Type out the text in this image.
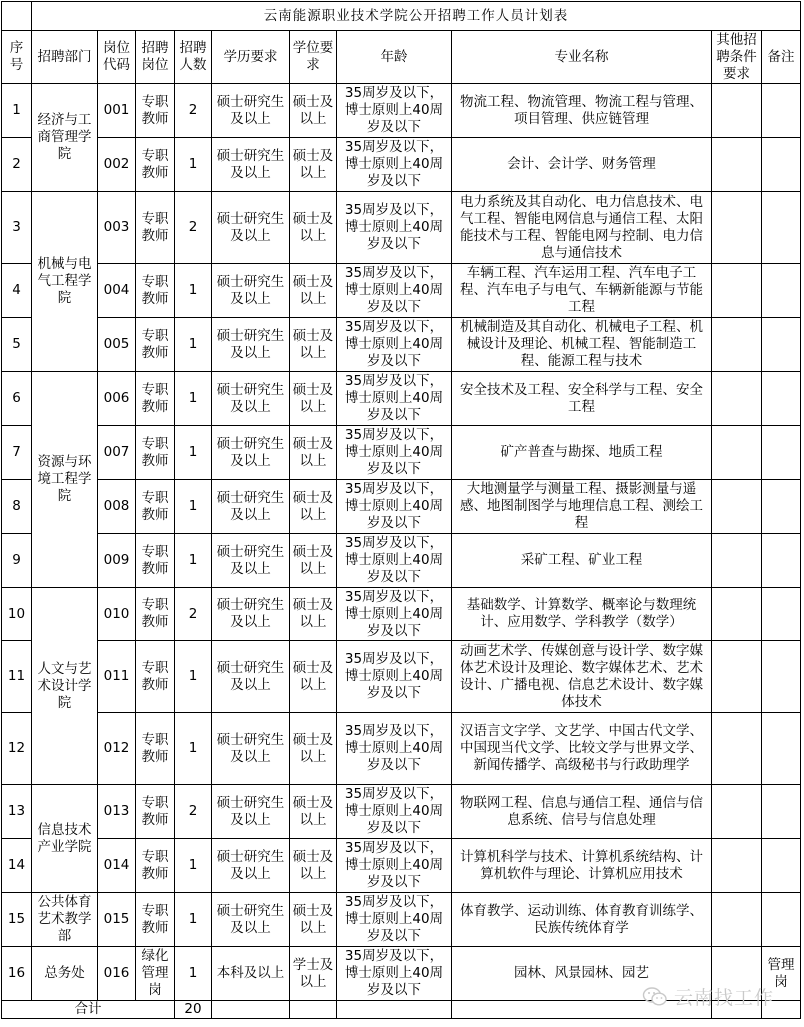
	云南能源职业技术学院公开招聘工作人员计划表									
序号	招聘部门	岗位代码	招聘岗位	招聘人数	学历要求	学位要求	年龄	专业名称	其他招聘条件要求	备注
1	经济与工商管理学院	001	专职教师	2	硕士研究生及以上	硕士及以上	35周岁及以下，博士原则上40周岁及以下	物流工程、物流管理、物流工程与管理、项目管理、供应链管理		
2		002	专职教师	1	硕士研究生及以上	硕士及以上	35周岁及以下，博士原则上40周岁及以下	会计、会计学、财务管理		
3	机械与电气工程学院	003	专职教师	2	硕士研究生及以上	硕士及以上	35周岁及以下，博士原则上40周岁及以下	电力系统及其自动化、电力信息技术、电气工程、智能电网信息与通信工程、太阳能技术与工程、智能电网与控制、电力信息与通信技术		
4		004	专职教师	1	硕士研究生及以上	硕士及以上	35周岁及以下，博士原则上40周岁及以下	车辆工程、汽车运用工程、汽车电子工程、汽车电子与电气、车辆新能源与节能工程		
5		005	专职教师	1	硕士研究生及以上	硕士及以上	35周岁及以下，博士原则上40周岁及以下	机械制造及其自动化、机械电子工程、机械设计及理论、机械工程、智能制造工程、能源工程与技术		
6	资源与环境工程学院	006	专职教师	1	硕士研究生及以上	硕士及以上	35周岁及以下，博士原则上40周岁及以下	安全技术及工程、安全科学与工程、安全工程		
7		007	专职教师	1	硕士研究生及以上	硕士及以上	35周岁及以下，博士原则上40周岁及以下	矿产普查与勘探、地质工程		
8		008	专职教师	1	硕士研究生及以上	硕士及以上	35周岁及以下，博士原则上40周岁及以下	大地测量学与测量工程、摄影测量与遥感、地图制图学与地理信息工程、测绘工程		
9		009	专职教师	1	硕士研究生及以上	硕士及以上	35周岁及以下，博士原则上40周岁及以下	采矿工程、矿业工程		
10	人文与艺术设计学院	010	专职教师	2	硕士研究生及以上	硕士及以上	35周岁及以下，博士原则上40周岁及以下	基础数学、计算数学、概率论与数理统计、应用数学、学科教学（数学）		
11		011	专职教师	1	硕士研究生及以上	硕士及以上	35周岁及以下，博士原则上40周岁及以下	动画艺术学、传媒创意与设计学、数字媒体艺术设计及理论、数字媒体艺术、艺术设计、广播电视、信息艺术设计、数字媒体技术		
12		012	专职教师	1	硕士研究生及以上	硕士及以上	35周岁及以下，博士原则上40周岁及以下	汉语言文字学、文艺学、中国古代文学、中国现当代文学、比较文学与世界文学、新闻传播学、高级秘书与行政助理学		
13	信息技术产业学院	013	专职教师	2	硕士研究生及以上	硕士及以上	35周岁及以下，博士原则上40周岁及以下	物联网工程、信息与通信工程、通信与信息系统、信号与信息处理		
14		014	专职教师	1	硕士研究生及以上	硕士及以上	35周岁及以下，博士原则上40周岁及以下	计算机科学与技术、计算机系统结构、计算机软件与理论、计算机应用技术		
15	公共体育艺术教学部	015	专职教师	1	硕士研究生及以上	硕士及以上	35周岁及以下，博士原则上40周岁及以下	体育教学、运动训练、体育教育训练学、民族传统体育学		
16	总务处	016	绿化管理岗	1	本科及以上	学士及以上	35周岁及以下，博士原则上40周岁及以下	园林、风景园林、园艺		管理岗
合计				20							云南找工作
